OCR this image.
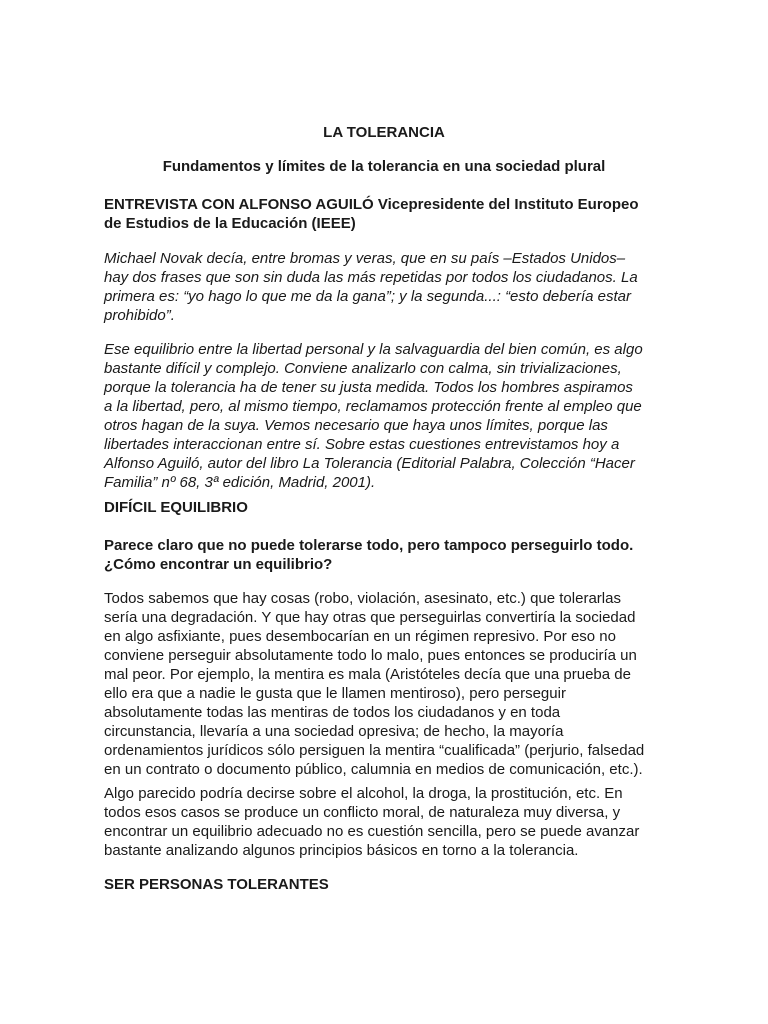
LA TOLERANCIA

Fundamentos y límites de la tolerancia en una sociedad plural

ENTREVISTA CON ALFONSO AGUILÓ Vicepresidente del Instituto Europeo
de Estudios de la Educación (IEEE)

Michael Novak decía, entre bromas y veras, que en su país –Estados Unidos–
hay dos frases que son sin duda las más repetidas por todos los ciudadanos. La
primera es: “yo hago lo que me da la gana”; y la segunda...: “esto debería estar
prohibido”.

Ese equilibrio entre la libertad personal y la salvaguardia del bien común, es algo
bastante difícil y complejo. Conviene analizarlo con calma, sin trivializaciones,
porque la tolerancia ha de tener su justa medida. Todos los hombres aspiramos
a la libertad, pero, al mismo tiempo, reclamamos protección frente al empleo que
otros hagan de la suya. Vemos necesario que haya unos límites, porque las
libertades interaccionan entre sí. Sobre estas cuestiones entrevistamos hoy a
Alfonso Aguiló, autor del libro La Tolerancia (Editorial Palabra, Colección “Hacer
Familia” nº 68, 3ª edición, Madrid, 2001).

DIFÍCIL EQUILIBRIO

Parece claro que no puede tolerarse todo, pero tampoco perseguirlo todo.
¿Cómo encontrar un equilibrio?

Todos sabemos que hay cosas (robo, violación, asesinato, etc.) que tolerarlas
sería una degradación. Y que hay otras que perseguirlas convertiría la sociedad
en algo asfixiante, pues desembocarían en un régimen represivo. Por eso no
conviene perseguir absolutamente todo lo malo, pues entonces se produciría un
mal peor. Por ejemplo, la mentira es mala (Aristóteles decía que una prueba de
ello era que a nadie le gusta que le llamen mentiroso), pero perseguir
absolutamente todas las mentiras de todos los ciudadanos y en toda
circunstancia, llevaría a una sociedad opresiva; de hecho, la mayoría
ordenamientos jurídicos sólo persiguen la mentira “cualificada” (perjurio, falsedad
en un contrato o documento público, calumnia en medios de comunicación, etc.).

Algo parecido podría decirse sobre el alcohol, la droga, la prostitución, etc. En
todos esos casos se produce un conflicto moral, de naturaleza muy diversa, y
encontrar un equilibrio adecuado no es cuestión sencilla, pero se puede avanzar
bastante analizando algunos principios básicos en torno a la tolerancia.

SER PERSONAS TOLERANTES
